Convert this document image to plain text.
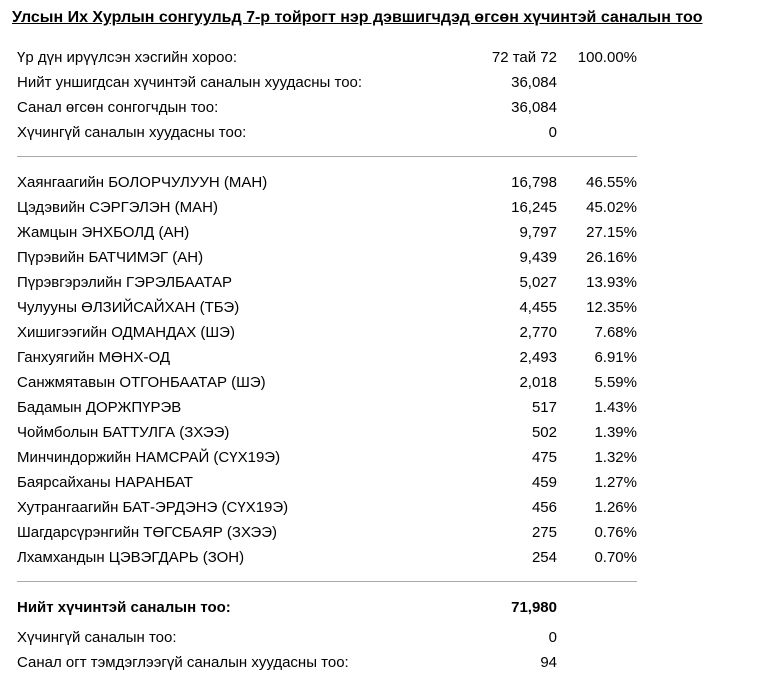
Улсын Их Хурлын сонгуульд 7-р тойрогт нэр дэвшигчдэд өгсөн хүчинтэй саналын тоо
Үр дүн ирүүлсэн хэсгийн хороо:	72 тай 72 100.00%
Нийт уншигдсан хүчинтэй саналын хуудасны тоо:	36,084
Санал өгсөн сонгогчдын тоо:	36,084
Хүчингүй саналын хуудасны тоо:	0
Хаянгаагийн БОЛОРЧУЛУУН (МАН)	16,798 46.55%
Цэдэвийн СЭРГЭЛЭН (МАН)	16,245 45.02%
Жамцын ЭНХБОЛД (АН)	9,797 27.15%
Пүрэвийн БАТЧИМЭГ (АН)	9,439 26.16%
Пүрэвгэрэлийн ГЭРЭЛБААТАР	5,027 13.93%
Чулууны ӨЛЗИЙСАЙХАН (ТБЭ)	4,455 12.35%
Хишигээгийн ОДМАНДАХ (ШЭ)	2,770 7.68%
Ганхуягийн МӨНХ-ОД	2,493 6.91%
Санжмятавын ОТГОНБААТАР (ШЭ)	2,018 5.59%
Бадамын ДОРЖПҮРЭВ	517 1.43%
Чоймболын БАТТУЛГА (ЗХЭЭ)	502 1.39%
Минчиндоржийн НАМСРАЙ (СҮХ19Э)	475 1.32%
Баярсайханы НАРАНБАТ	459 1.27%
Хутрангаагийн БАТ-ЭРДЭНЭ (СҮХ19Э)	456 1.26%
Шагдарсүрэнгийн ТӨГСБАЯР (ЗХЭЭ)	275 0.76%
Лхамхандын ЦЭВЭГДАРЬ (ЗОН)	254 0.70%
Нийт хүчинтэй саналын тоо:	71,980
Хүчингүй саналын тоо:	0
Санал огт тэмдэглээгүй саналын хуудасны тоо:	94
